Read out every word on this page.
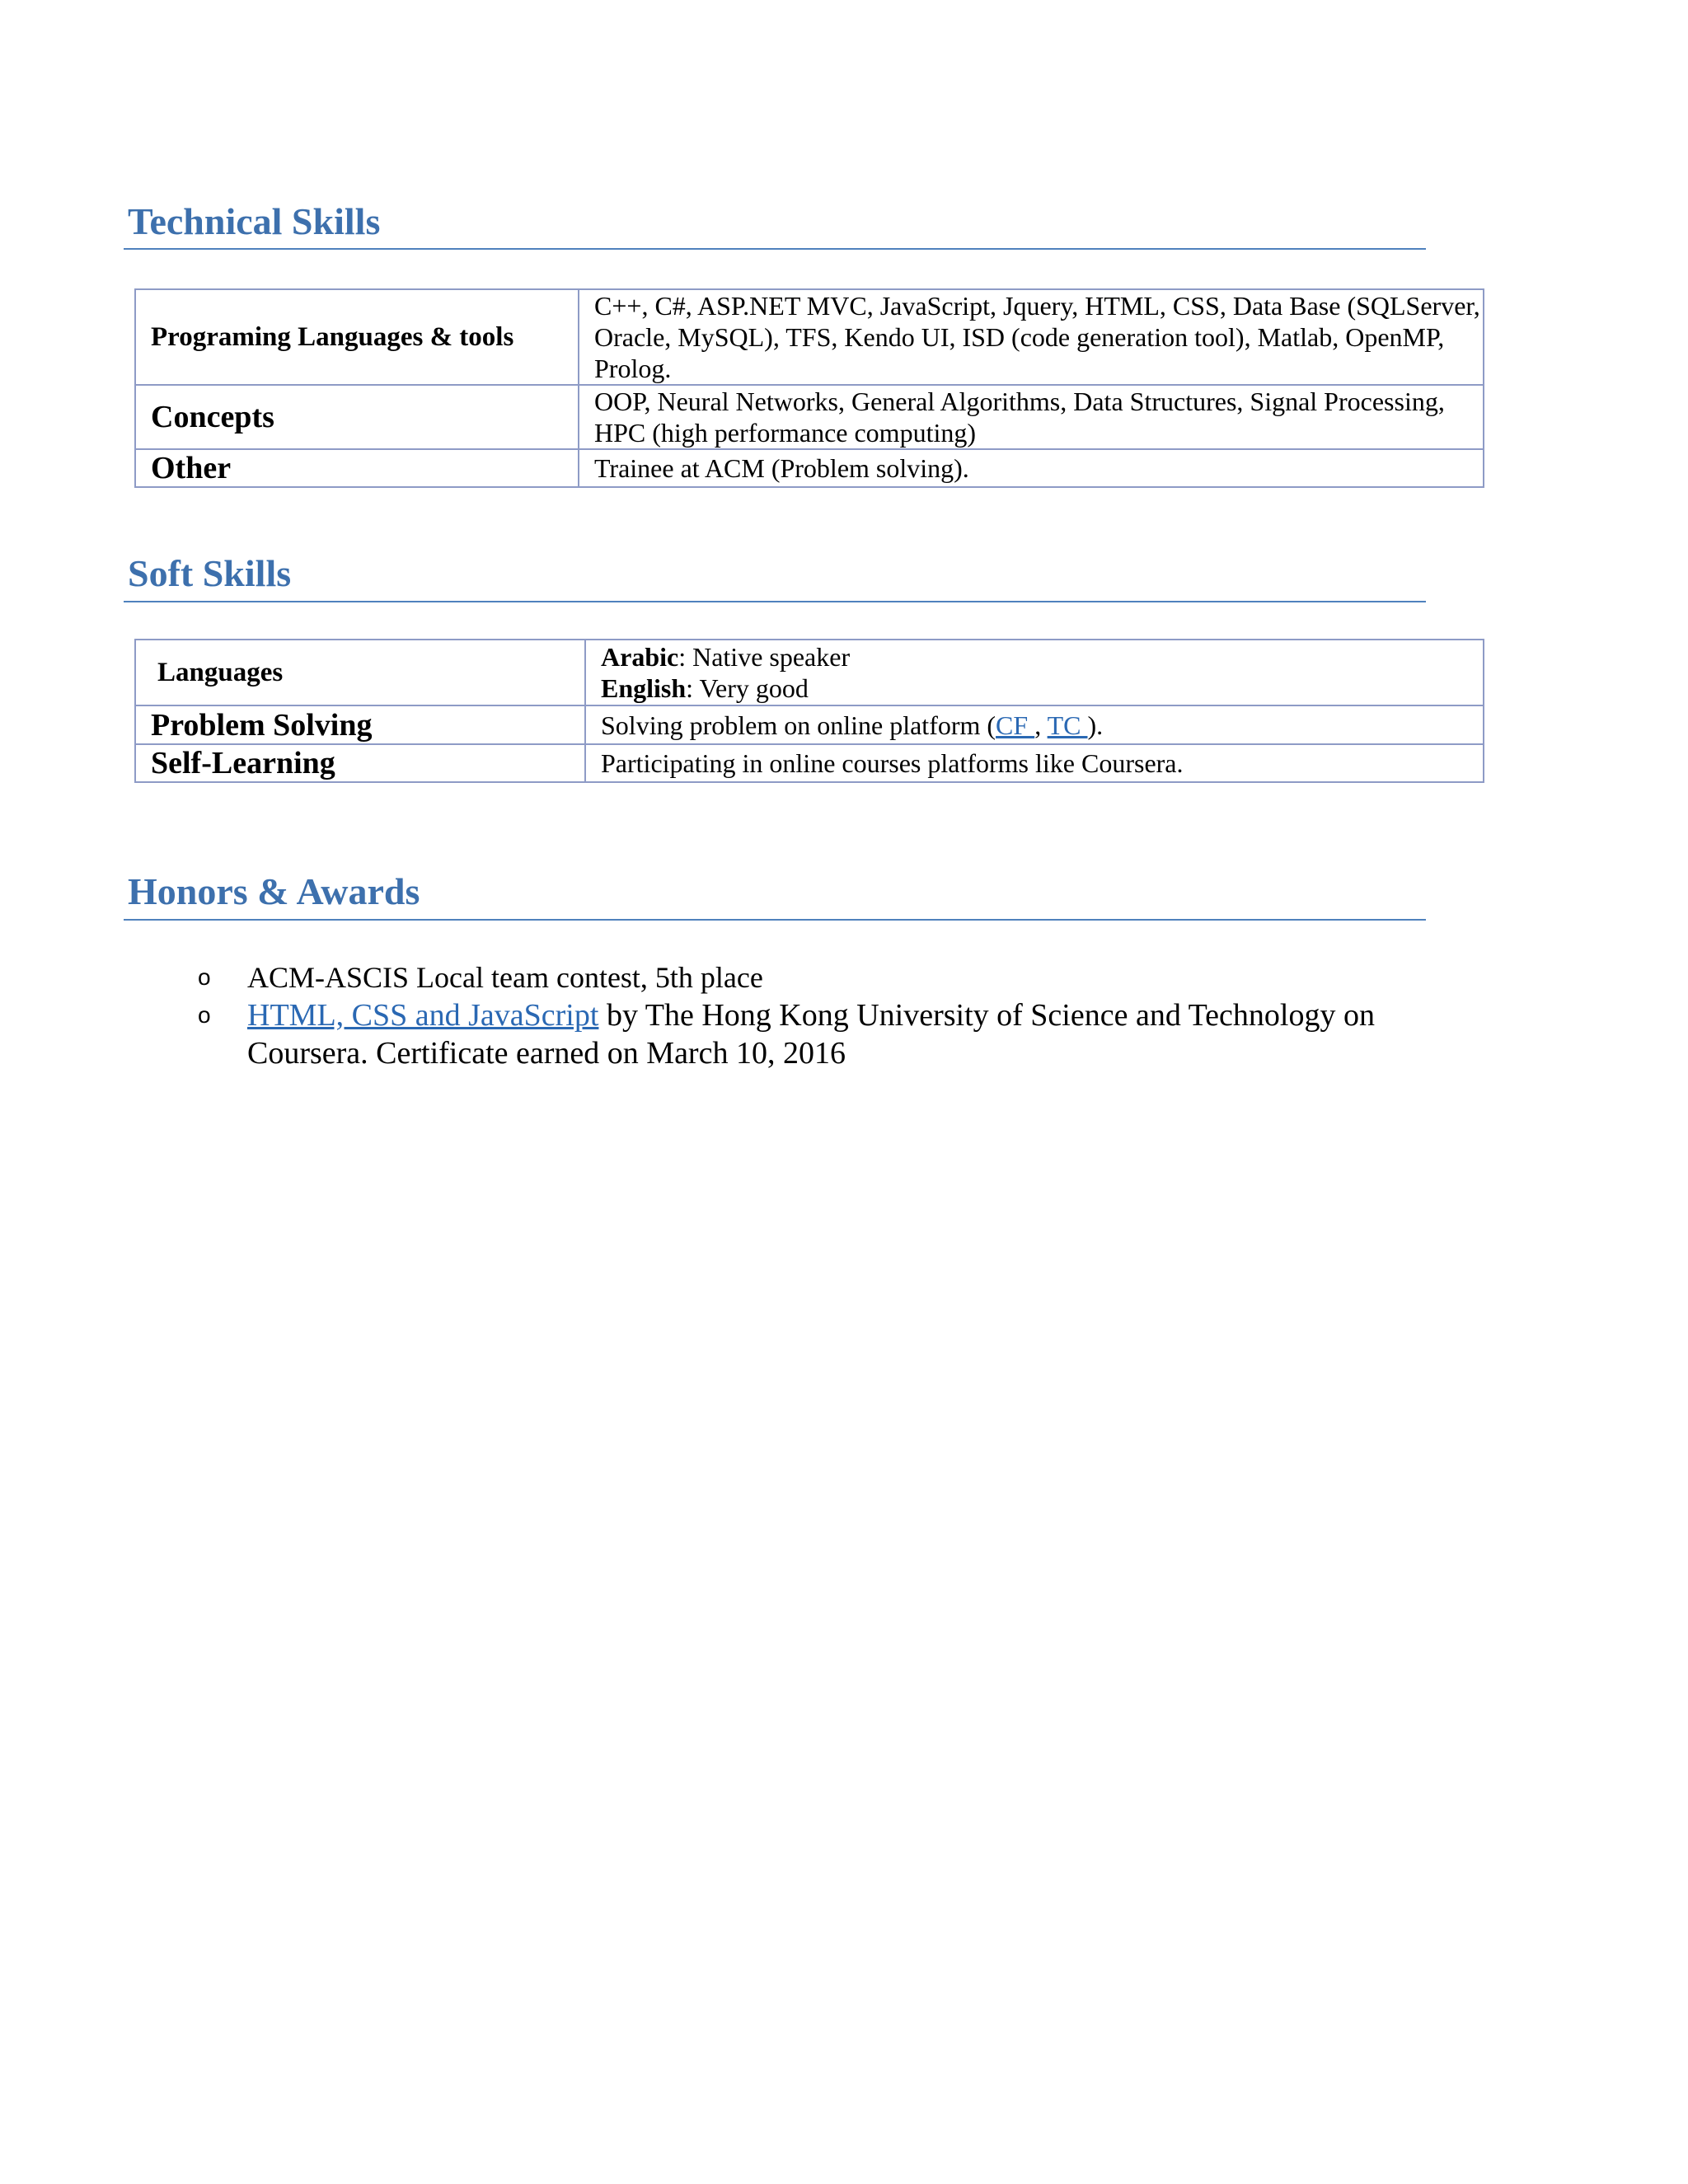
Technical Skills
Programing Languages & tools	C++, C#, ASP.NET MVC, JavaScript, Jquery, HTML, CSS, Data Base (SQLServer, Oracle, MySQL), TFS, Kendo UI, ISD (code generation tool), Matlab, OpenMP, Prolog.
Concepts	OOP, Neural Networks, General Algorithms, Data Structures, Signal Processing, HPC (high performance computing)
Other	Trainee at ACM (Problem solving).
Soft Skills
Languages	Arabic: Native speaker
English: Very good

Problem Solving	Solving problem on online platform (CF , TC ).
Self-Learning	Participating in online courses platforms like Coursera.
Honors & Awards
o ACM-ASCIS Local team contest, 5th place
o HTML, CSS and JavaScript by The Hong Kong University of Science and Technology on Coursera. Certificate earned on March 10, 2016
